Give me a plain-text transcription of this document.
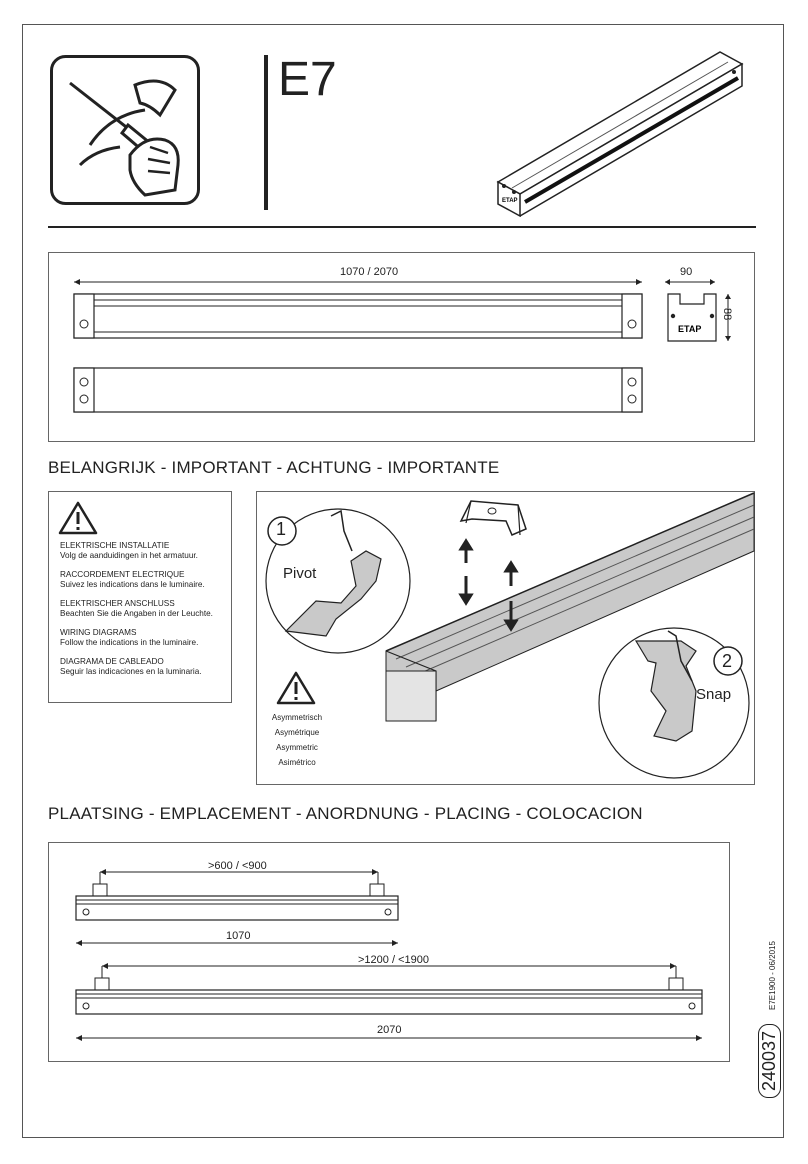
E7
ETAP
ETAP
1070 / 2070	90
88
BELANGRIJK - IMPORTANT - ACHTUNG - IMPORTANTE
ELEKTRISCHE INSTALLATIE
Volg de aanduidingen in het armatuur.
RACCORDEMENT ELECTRIQUE
Suivez les indications dans le luminaire.
ELEKTRISCHER ANSCHLUSS
Beachten Sie die Angaben in der Leuchte.
WIRING DIAGRAMS
Follow the indications in the luminaire.
DIAGRAMA DE CABLEADO
Seguir las indicaciones en la luminaria.
1
Pivot
2
Snap
Asymmetrisch
Asymétrique
Asymmetric
Asimétrico
PLAATSING - EMPLACEMENT - ANORDNUNG - PLACING - COLOCACION
>600 / <900
1070
>1200 / <1900
2070
E7E1900 - 06/2015
240037
